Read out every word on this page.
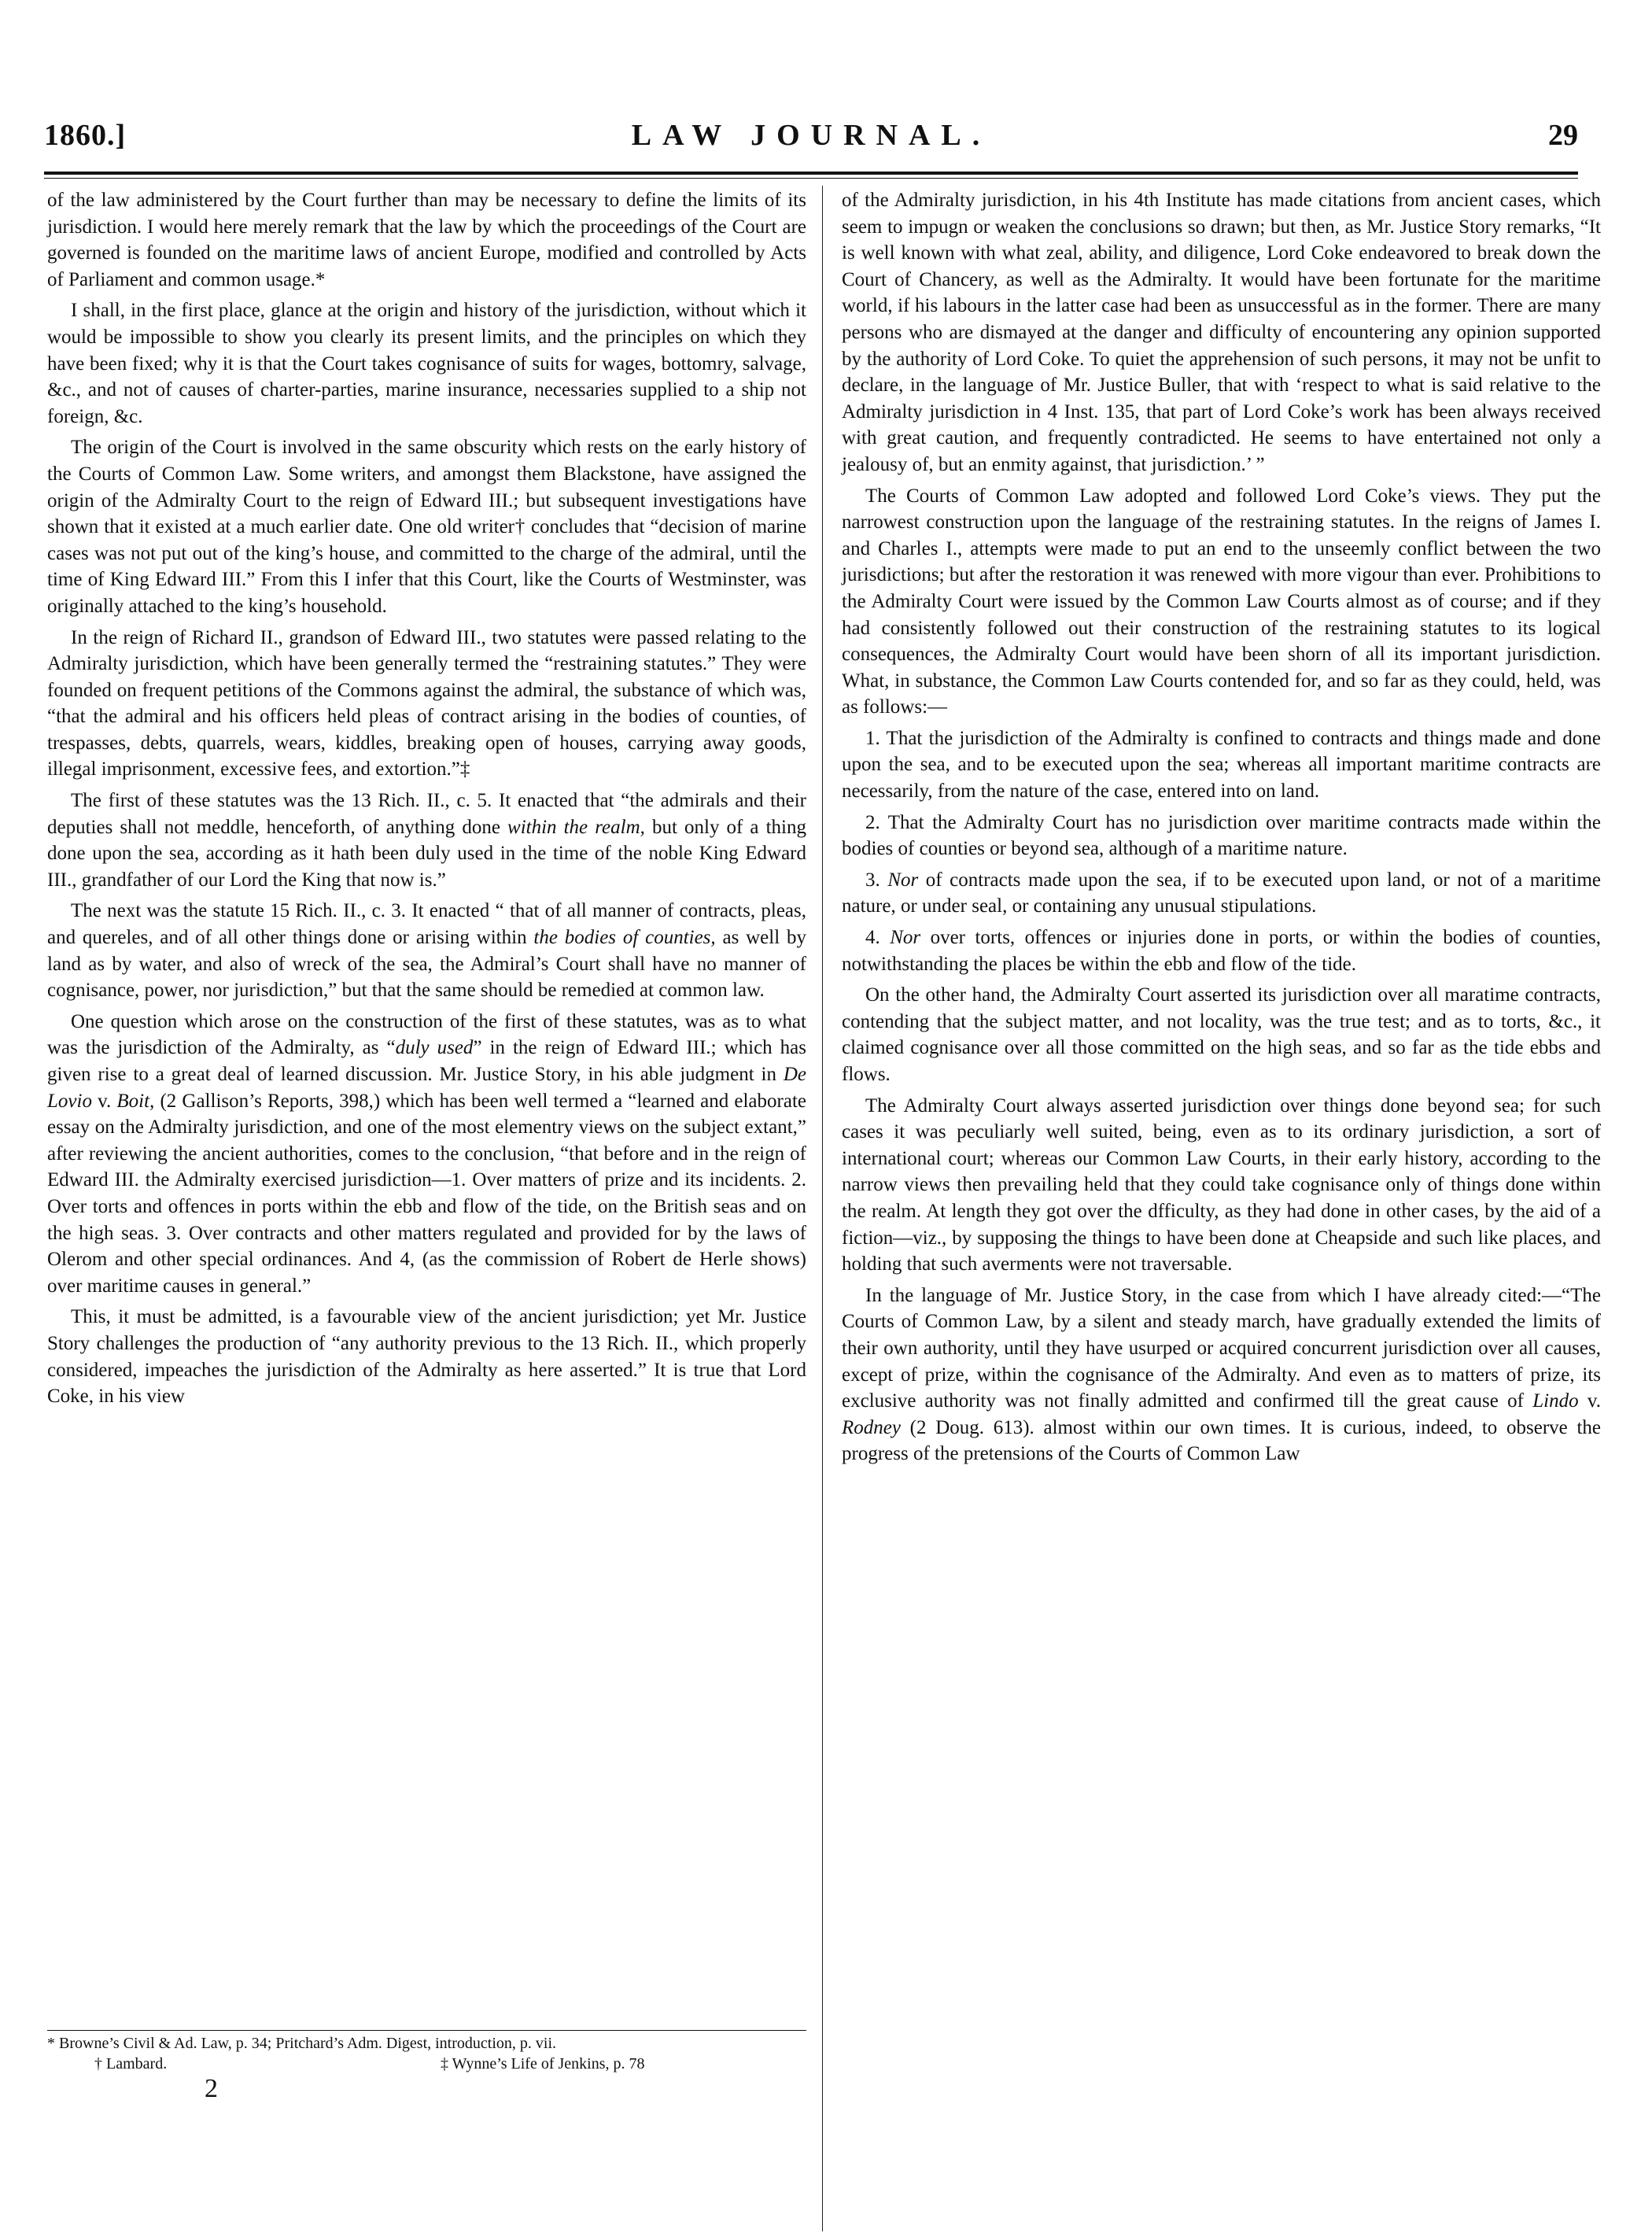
1860.]	LAW JOURNAL.	29

of the law administered by the Court further than may be necessary to define the limits of its jurisdiction. I would here merely remark that the law by which the proceedings of the Court are governed is founded on the maritime laws of ancient Europe, modified and controlled by Acts of Parliament and common usage.*

I shall, in the first place, glance at the origin and history of the jurisdiction, without which it would be impossible to show you clearly its present limits, and the principles on which they have been fixed; why it is that the Court takes cognisance of suits for wages, bottomry, salvage, &c., and not of causes of charter-parties, marine insurance, necessaries supplied to a ship not foreign, &c.

The origin of the Court is involved in the same obscurity which rests on the early history of the Courts of Common Law. Some writers, and amongst them Blackstone, have assigned the origin of the Admiralty Court to the reign of Edward III.; but subsequent investigations have shown that it existed at a much earlier date. One old writer† concludes that “decision of marine cases was not put out of the king’s house, and committed to the charge of the admiral, until the time of King Edward III.” From this I infer that this Court, like the Courts of Westminster, was originally attached to the king’s household.

In the reign of Richard II., grandson of Edward III., two statutes were passed relating to the Admiralty jurisdiction, which have been generally termed the “restraining statutes.” They were founded on frequent petitions of the Commons against the admiral, the substance of which was, “that the admiral and his officers held pleas of contract arising in the bodies of counties, of trespasses, debts, quarrels, wears, kiddles, breaking open of houses, carrying away goods, illegal imprisonment, excessive fees, and extortion.”‡

The first of these statutes was the 13 Rich. II., c. 5. It enacted that “the admirals and their deputies shall not meddle, henceforth, of anything done within the realm, but only of a thing done upon the sea, according as it hath been duly used in the time of the noble King Edward III., grandfather of our Lord the King that now is.”

The next was the statute 15 Rich. II., c. 3. It enacted “ that of all manner of contracts, pleas, and quereles, and of all other things done or arising within the bodies of counties, as well by land as by water, and also of wreck of the sea, the Admiral’s Court shall have no manner of cognisance, power, nor jurisdiction,” but that the same should be remedied at common law.

One question which arose on the construction of the first of these statutes, was as to what was the jurisdiction of the Admiralty, as “duly used” in the reign of Edward III.; which has given rise to a great deal of learned discussion. Mr. Justice Story, in his able judgment in De Lovio v. Boit, (2 Gallison’s Reports, 398,) which has been well termed a “learned and elaborate essay on the Admiralty jurisdiction, and one of the most elementry views on the subject extant,” after reviewing the ancient authorities, comes to the conclusion, “that before and in the reign of Edward III. the Admiralty exercised jurisdiction—1. Over matters of prize and its incidents. 2. Over torts and offences in ports within the ebb and flow of the tide, on the British seas and on the high seas. 3. Over contracts and other matters regulated and provided for by the laws of Olerom and other special ordinances. And 4, (as the commission of Robert de Herle shows) over maritime causes in general.”

This, it must be admitted, is a favourable view of the ancient jurisdiction; yet Mr. Justice Story challenges the production of “any authority previous to the 13 Rich. II., which properly considered, impeaches the jurisdiction of the Admiralty as here asserted.” It is true that Lord Coke, in his view

of the Admiralty jurisdiction, in his 4th Institute has made citations from ancient cases, which seem to impugn or weaken the conclusions so drawn; but then, as Mr. Justice Story remarks, “It is well known with what zeal, ability, and diligence, Lord Coke endeavored to break down the Court of Chancery, as well as the Admiralty. It would have been fortunate for the maritime world, if his labours in the latter case had been as unsuccessful as in the former. There are many persons who are dismayed at the danger and difficulty of encountering any opinion supported by the authority of Lord Coke. To quiet the apprehension of such persons, it may not be unfit to declare, in the language of Mr. Justice Buller, that with ‘respect to what is said relative to the Admiralty jurisdiction in 4 Inst. 135, that part of Lord Coke’s work has been always received with great caution, and frequently contradicted. He seems to have entertained not only a jealousy of, but an enmity against, that jurisdiction.’ ”

The Courts of Common Law adopted and followed Lord Coke’s views. They put the narrowest construction upon the language of the restraining statutes. In the reigns of James I. and Charles I., attempts were made to put an end to the unseemly conflict between the two jurisdictions; but after the restoration it was renewed with more vigour than ever. Prohibitions to the Admiralty Court were issued by the Common Law Courts almost as of course; and if they had consistently followed out their construction of the restraining statutes to its logical consequences, the Admiralty Court would have been shorn of all its important jurisdiction. What, in substance, the Common Law Courts contended for, and so far as they could, held, was as follows:—

1. That the jurisdiction of the Admiralty is confined to contracts and things made and done upon the sea, and to be executed upon the sea; whereas all important maritime contracts are necessarily, from the nature of the case, entered into on land.

2. That the Admiralty Court has no jurisdiction over maritime contracts made within the bodies of counties or beyond sea, although of a maritime nature.

3. Nor of contracts made upon the sea, if to be executed upon land, or not of a maritime nature, or under seal, or containing any unusual stipulations.

4. Nor over torts, offences or injuries done in ports, or within the bodies of counties, notwithstanding the places be within the ebb and flow of the tide.

On the other hand, the Admiralty Court asserted its jurisdiction over all maratime contracts, contending that the subject matter, and not locality, was the true test; and as to torts, &c., it claimed cognisance over all those committed on the high seas, and so far as the tide ebbs and flows.

The Admiralty Court always asserted jurisdiction over things done beyond sea; for such cases it was peculiarly well suited, being, even as to its ordinary jurisdiction, a sort of international court; whereas our Common Law Courts, in their early history, according to the narrow views then prevailing held that they could take cognisance only of things done within the realm. At length they got over the dfficulty, as they had done in other cases, by the aid of a fiction—viz., by supposing the things to have been done at Cheapside and such like places, and holding that such averments were not traversable.

In the language of Mr. Justice Story, in the case from which I have already cited:—“The Courts of Common Law, by a silent and steady march, have gradually extended the limits of their own authority, until they have usurped or acquired concurrent jurisdiction over all causes, except of prize, within the cognisance of the Admiralty. And even as to matters of prize, its exclusive authority was not finally admitted and confirmed till the great cause of Lindo v. Rodney (2 Doug. 613). almost within our own times. It is curious, indeed, to observe the progress of the pretensions of the Courts of Common Law

* Browne’s Civil & Ad. Law, p. 34; Pritchard’s Adm. Digest, introduction, p. vii.
† Lambard.	‡ Wynne’s Life of Jenkins, p. 78
2
